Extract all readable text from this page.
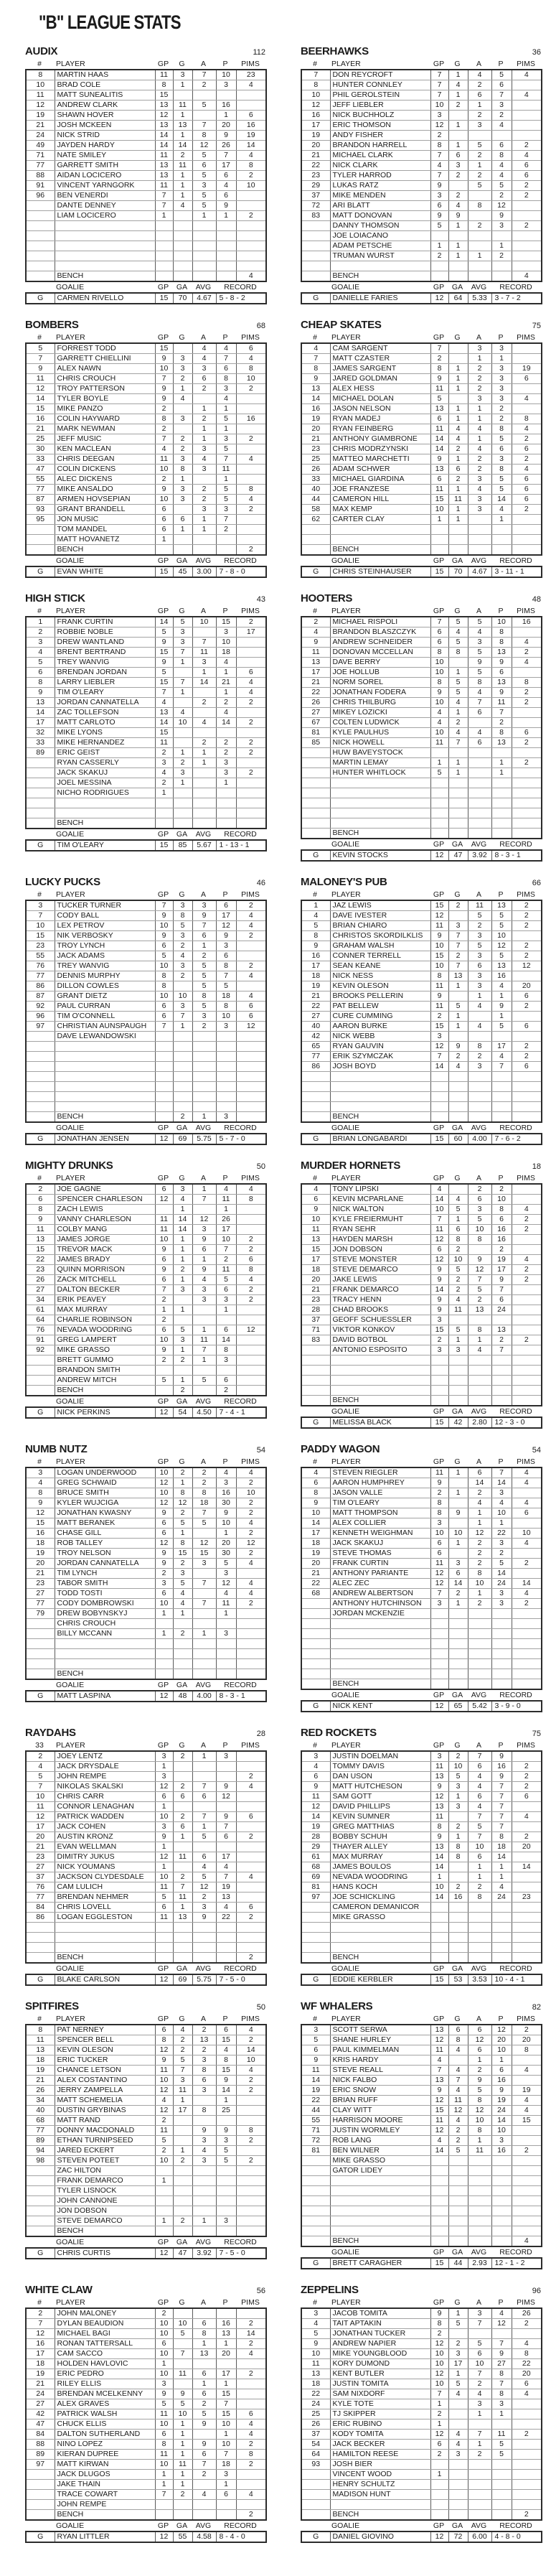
"B" LEAGUE STATS
AUDIX	112
#	PLAYER	GP	G	A	P	PIMS
8	MARTIN HAAS	11	3	7	10	23
10	BRAD COLE	8	1	2	3	4
11	MATT SUNEALITIS	15				
12	ANDREW CLARK	13	11	5	16	
19	SHAWN HOVER	12	1		1	6
21	JOSH MCKEEN	13	13	7	20	16
24	NICK STRID	14	1	8	9	19
49	JAYDEN HARDY	14	14	12	26	14
71	NATE SMILEY	11	2	5	7	4
77	GARRETT SMITH	13	11	6	17	8
88	AIDAN LOCICERO	13	1	5	6	2
91	VINCENT YARNGORK	11	1	3	4	10
96	BEN VENERDI	7	1	5	6	
	DANTE DENNEY	7	4	5	9	
	LIAM LOCICERO	1		1	1	2

	BENCH					4
	GOALIE	GP	GA	AVG	RECORD
G	CARMEN RIVELLO	15	70	4.67	5 - 8 - 2
BEERHAWKS	36
#	PLAYER	GP	G	A	P	PIMS
7	DON REYCROFT	7	1	4	5	4
8	HUNTER CONNLEY	7	4	2	6	
10	PHIL GEROLSTEIN	7	1	6	7	4
12	JEFF LIEBLER	10	2	1	3	
16	NICK BUCHHOLZ	3		2	2	
17	ERIC THOMSON	12	1	3	4	
19	ANDY FISHER	2				
20	BRANDON HARRELL	8	1	5	6	2
21	MICHAEL CLARK	7	6	2	8	4
22	NICK CLARK	4	3	1	4	6
23	TYLER HARROD	7	2	2	4	6
29	LUKAS RATZ	9		5	5	2
37	MIKE MENDEN	3	2		2	2
72	ARI BLATT	6	4	8	12	
83	MATT DONOVAN	9	9		9	
	DANNY THOMSON	5	1	2	3	2
	JOE LOIACANO					
	ADAM PETSCHE	1	1		1	
	TRUMAN WURST	2	1	1	2	

	BENCH					4
	GOALIE	GP	GA	AVG	RECORD
G	DANIELLE FARIES	12	64	5.33	3 - 7 - 2
BOMBERS	68
#	PLAYER	GP	G	A	P	PIMS
5	FORREST TODD	15		4	4	6
7	GARRETT CHIELLINI	9	3	4	7	4
9	ALEX NAWN	10	3	3	6	8
11	CHRIS CROUCH	7	2	6	8	10
12	TROY PATTERSON	9	1	2	3	2
14	TYLER BOYLE	9	4		4	
15	MIKE PANZO	2		1	1	
16	COLIN HAYWARD	8	3	2	5	16
21	MARK NEWMAN	2		1	1	
25	JEFF MUSIC	7	2	1	3	2
30	KEN MACLEAN	4	2	3	5	
33	CHRIS DEEGAN	11	3	4	7	4
47	COLIN DICKENS	10	8	3	11	
55	ALEC DICKENS	2	1		1	
77	MIKE ANSALDO	9	3	2	5	8
87	ARMEN HOVSEPIAN	10	3	2	5	4
93	GRANT BRANDELL	6		3	3	2
95	JON MUSIC	6	6	1	7	
	TOM MANDEL	6	1	1	2	
	MATT HOVANETZ	1				
	BENCH					2
	GOALIE	GP	GA	AVG	RECORD
G	EVAN WHITE	15	45	3.00	7 - 8 - 0
CHEAP SKATES	75
#	PLAYER	GP	G	A	P	PIMS
4	CAM SARGENT	7		3	3	
7	MATT CZASTER	2		1	1	
8	JAMES SARGENT	8	1	2	3	19
9	JARED GOLDMAN	9	1	2	3	6
13	ALEX HESS	11	1	2	3	
14	MICHAEL DOLAN	5		3	3	4
16	JASON NELSON	13	1	1	2	
19	RYAN MADEJ	6	1	1	2	8
20	RYAN FEINBERG	11	4	4	8	4
21	ANTHONY GIAMBRONE	14	4	1	5	2
23	CHRIS MODRZYNSKI	14	2	4	6	6
25	MATTEO MARCHETTI	9	1	2	3	2
26	ADAM SCHWER	13	6	2	8	4
33	MICHAEL GIARDINA	6	2	3	5	6
40	JOE FRANZESE	11	1	4	5	6
44	CAMERON HILL	15	11	3	14	6
58	MAX KEMP	10	1	3	4	2
62	CARTER CLAY	1	1		1	

	BENCH					
	GOALIE	GP	GA	AVG	RECORD
G	CHRIS STEINHAUSER	15	70	4.67	3 - 11 - 1
HIGH STICK	43
#	PLAYER	GP	G	A	P	PIMS
1	FRANK CURTIN	14	5	10	15	2
2	ROBBIE NOBLE	5	3		3	17
3	DREW WANTLAND	9	3	7	10	
4	BRENT BERTRAND	15	7	11	18	
5	TREY WANVIG	9	1	3	4	
6	BRENDAN JORDAN	5		1	1	6
8	LARRY LIEBLER	15	7	14	21	4
9	TIM O'LEARY	7	1		1	4
13	JORDAN CANNATELLA	4		2	2	2
14	ZAC TOLLEFSON	13	4		4	
17	MATT CARLOTO	14	10	4	14	2
32	MIKE LYONS	15				
33	MIKE HERNANDEZ	11		2	2	2
89	ERIC GEIST	2	1	1	2	2
	RYAN CASSERLY	3	2	1	3	
	JACK SKAKUJ	4	3		3	2
	JOEL MESSINA	2	1		1	
	NICHO RODRIGUES	1				

	BENCH					
	GOALIE	GP	GA	AVG	RECORD
G	TIM O'LEARY	15	85	5.67	1 - 13 - 1
HOOTERS	48
#	PLAYER	GP	G	A	P	PIMS
2	MICHAEL RISPOLI	7	5	5	10	16
4	BRANDON BLASZCZYK	6	4	4	8	
9	ANDREW SCHNEIDER	6	5	3	8	4
11	DONOVAN MCCELLAN	8	8	5	13	2
13	DAVE BERRY	10		9	9	4
17	JOE HOLLUB	10	1	5	6	
21	NORM SOREL	8	5	8	13	8
22	JONATHAN FODERA	9	5	4	9	2
26	CHRIS THILBURG	10	4	7	11	2
27	MIKEY LOZICKI	4	1	6	7	
67	COLTEN LUDWICK	4	2		2	
81	KYLE PAULHUS	10	4	4	8	6
85	NICK HOWELL	11	7	6	13	2
	HUW BAVEYSTOCK					
	MARTIN LEMAY	1	1		1	2
	HUNTER WHITLOCK	5	1		1	

	BENCH					
	GOALIE	GP	GA	AVG	RECORD
G	KEVIN STOCKS	12	47	3.92	8 - 3 - 1
LUCKY PUCKS	46
#	PLAYER	GP	G	A	P	PIMS
3	TUCKER TURNER	7	3	3	6	2
7	CODY BALL	9	8	9	17	4
10	LEX PETROV	10	5	7	12	4
15	NIK VERBOSKY	9	3	6	9	2
23	TROY LYNCH	6	2	1	3	
55	JACK ADAMS	5	4	2	6	
76	TREY WANVIG	10	3	5	8	2
77	DENNIS MURPHY	8	2	5	7	4
86	DILLON COWLES	8		5	5	
87	GRANT DIETZ	10	10	8	18	4
92	PAUL CURRAN	6	3	5	8	6
96	TIM O'CONNELL	6	7	3	10	6
97	CHRISTIAN AUNSPAUGH	7	1	2	3	12
	DAVE LEWANDOWSKI					

	BENCH		2	1	3	
	GOALIE	GP	GA	AVG	RECORD
G	JONATHAN JENSEN	12	69	5.75	5 - 7 - 0
MALONEY'S PUB	66
#	PLAYER	GP	G	A	P	PIMS
1	JAZ LEWIS	15	2	11	13	2
4	DAVE IVESTER	12		5	5	2
5	BRIAN CHIARO	11	3	2	5	2
8	CHRISTOS SKORDILKLIS	9	7	3	10	
9	GRAHAM WALSH	10	7	5	12	2
16	CONNER TERRELL	15	2	3	5	2
17	SEAN KEANE	10	7	6	13	12
18	NICK NESS	8	13	3	16	
19	KEVIN OLESON	11	1	3	4	20
21	BROOKS PELLERIN	9		1	1	6
22	PAT BELLEW	11	5	4	9	2
27	CURE CUMMING	2	1		1	
40	AARON BURKE	15	1	4	5	6
42	NICK WEBB	3				
65	RYAN GAUVIN	12	9	8	17	2
77	ERIK SZYMCZAK	7	2	2	4	2
86	JOSH BOYD	14	4	3	7	6

	BENCH					
	GOALIE	GP	GA	AVG	RECORD
G	BRIAN LONGABARDI	15	60	4.00	7 - 6 - 2
MIGHTY DRUNKS	50
#	PLAYER	GP	G	A	P	PIMS
2	JOE GAGNE	6	3	1	4	4
6	SPENCER CHARLESON	12	4	7	11	8
8	ZACH LEWIS		1		1	
9	VANNY CHARLESON	11	14	12	26	
11	COLBY MANG	11	14	3	17	
13	JAMES JORGE	10	1	9	10	2
15	TREVOR MACK	9	1	6	7	2
22	JAMES BRADY	6	1	1	2	6
23	QUINN MORRISON	9	2	9	11	8
26	ZACK MITCHELL	6	1	4	5	4
27	DALTON BECKER	7	3	3	6	2
34	ERIK PEAVEY	2		3	3	2
61	MAX MURRAY	1	1		1	
64	CHARLIE ROBINSON	2				
76	NEVADA WOODRING	6	5	1	6	12
91	GREG LAMPERT	10	3	11	14	
92	MIKE GRASSO	9	1	7	8	
	BRETT GUMMO	2	2	1	3	
	BRANDON SMITH					
	ANDREW MITCH	5	1	5	6	
	BENCH		2		2	
	GOALIE	GP	GA	AVG	RECORD
G	NICK PERKINS	12	54	4.50	7 - 4 - 1
MURDER HORNETS	18
#	PLAYER	GP	G	A	P	PIMS
4	TONY LIPSKI	4		2	2	
6	KEVIN MCPARLANE	14	4	6	10	
9	NICK WALTON	10	5	3	8	4
10	KYLE FREIERMUHT	7	1	5	6	2
11	RYAN SEHR	11	6	10	16	2
13	HAYDEN MARSH	12	8	8	16	
15	JON DOBSON	6	2		2	
17	STEVE MONSTER	12	10	9	19	4
18	STEVE DEMARCO	9	5	12	17	2
20	JAKE LEWIS	9	2	7	9	2
21	FRANK DEMARCO	14	2	5	7	
23	TRACY HENN	9	4	2	6	
28	CHAD BROOKS	9	11	13	24	
37	GEOFF SCHUESSLER	3				
71	VIKTOR KONKOV	15	5	8	13	
83	DAVID BOTBOL	2	1	1	2	2
	ANTONIO ESPOSITO	3	3	4	7	

	BENCH					
	GOALIE	GP	GA	AVG	RECORD
G	MELISSA BLACK	15	42	2.80	12 - 3 - 0
NUMB NUTZ	54
#	PLAYER	GP	G	A	P	PIMS
3	LOGAN UNDERWOOD	10	2	2	4	4
4	GREG SCHWAID	12	1	2	3	2
8	BRUCE SMITH	10	8	8	16	10
9	KYLER WUJCIGA	12	12	18	30	2
12	JONATHAN KWASNY	9	2	7	9	2
15	MATT BERANEK	6	5	5	10	4
16	CHASE GILL	6	1		1	2
18	ROB TALLEY	12	8	12	20	12
19	TROY NELSON	9	15	15	30	2
20	JORDAN CANNATELLA	9	2	3	5	4
21	TIM LYNCH	2	3		3	
23	TABOR SMITH	3	5	7	12	4
27	TODD TOSTI	6	4		4	4
77	CODY DOMBROWSKI	10	4	7	11	2
79	DREW BOBYNSKYJ	1	1		1	
	CHRIS CROUCH					
	BILLY MCCANN	1	2	1	3	

	BENCH					
	GOALIE	GP	GA	AVG	RECORD
G	MATT LASPINA	12	48	4.00	8 - 3 - 1
PADDY WAGON	54
#	PLAYER	GP	G	A	P	PIMS
4	STEVEN RIEGLER	11	1	6	7	4
6	AARON HUMPHREY	9		14	14	4
8	JASON VALLE	2	1	2	3	
9	TIM O'LEARY	8		4	4	4
10	MATT THOMPSON	8	9	1	10	6
14	ALEX COLLIER	3		1	1	
17	KENNETH WEIGHMAN	10	10	12	22	10
18	JACK SKAKUJ	6	1	2	3	4
19	STEVE THOMAS	6		2	2	
20	FRANK CURTIN	11	3	2	5	2
21	ANTHONY PARIANTE	12	6	8	14	
22	ALEC ZEC	12	14	10	24	14
68	ANDREW ALBERTSON	7	2	1	3	4
	ANTHONY HUTCHINSON	3	1	2	3	2
	JORDAN MCKENZIE					

	BENCH					
	GOALIE	GP	GA	AVG	RECORD
G	NICK KENT	12	65	5.42	3 - 9 - 0
RAYDAHS	28
33	PLAYER	GP	G	A	P	PIMS
2	JOEY LENTZ	3	2	1	3	
4	JACK DRYSDALE	1				
5	JOHN REMPE	3				2
7	NIKOLAS SKALSKI	12	2	7	9	4
10	CHRIS CARR	6	6	6	12	
11	CONNOR LENAGHAN	1				
12	PATRICK WADDEN	10	2	7	9	6
17	JACK COHEN	3	6	1	7	
20	AUSTIN KRONZ	9	1	5	6	2
21	EVAN WELLMAN	1				
23	DIMITRY JUKUS	12	11	6	17	
27	NICK YOUMANS	1		4	4	
37	JACKSON CLYDESDALE	10	2	5	7	4
76	CAM LULICH	11	7	12	19	
77	BRENDAN NEHMER	5	11	2	13	
84	CHRIS LOVELL	6	1	3	4	6
86	LOGAN EGGLESTON	11	13	9	22	2

	BENCH					2
	GOALIE	GP	GA	AVG	RECORD
G	BLAKE CARLSON	12	69	5.75	7 - 5 - 0
RED ROCKETS	75
#	PLAYER	GP	G	A	P	PIMS
3	JUSTIN DOELMAN	3	2	7	9	
4	TOMMY DAVIS	11	10	6	16	2
6	DAN USON	13	5	4	9	2
9	MATT HUTCHESON	9	3	4	7	2
11	SAM GOTT	12	1	6	7	6
12	DAVID PHILLIPS	13	3	4	7	
14	KEVIN SUMNER	11		7	7	4
19	GREG MATTHIAS	8	2	5	7	
28	BOBBY SCHUH	9	1	7	8	2
29	THAYER ALLEY	13	8	10	18	20
61	MAX MURRAY	14	8	6	14	
68	JAMES BOULOS	14		1	1	14
69	NEVADA WOODRING	1		1	1	
81	HANS KOCH	10	2	2	4	
97	JOE SCHICKLING	14	16	8	24	23
	CAMERON DEMANICOR					
	MIKE GRASSO					

	BENCH					
	GOALIE	GP	GA	AVG	RECORD
G	EDDIE KERBLER	15	53	3.53	10 - 4 - 1
SPITFIRES	50
#	PLAYER	GP	G	A	P	PIMS
8	PAT NERNEY	6	4	2	6	4
11	SPENCER BELL	8	2	13	15	2
13	KEVIN OLESON	12	2	2	4	14
18	ERIC TUCKER	9	5	3	8	10
19	CHANCE LETSON	11	7	8	15	4
21	ALEX COSTANTINO	10	3	6	9	2
26	JERRY ZAMPELLA	12	11	3	14	2
34	MATT SCHEMELIA	4	1		1	
40	DUSTIN GRYBINAS	12	17	8	25	
68	MATT RAND	2				
77	DONNY MACDONALD	11		9	9	8
89	ETHAN TURNIPSEED	5		3	3	2
94	JARED ECKERT	2	1	4	5	
98	STEVEN POTEET	10	2	3	5	2
	ZAC HILTON					
	FRANK DEMARCO	1				
	TYLER LISNOCK					
	JOHN CANNONE					
	JON DOBSON					
	STEVE DEMARCO	1	2	1	3	
	BENCH					
	GOALIE	GP	GA	AVG	RECORD
G	CHRIS CURTIS	12	47	3.92	7 - 5 - 0
WF WHALERS	82
#	PLAYER	GP	G	A	P	PIMS
3	SCOTT SERWA	13	6	6	12	2
5	SHANE HURLEY	12	8	12	20	20
6	PAUL KIMMELMAN	11	4	6	10	8
9	KRIS HARDY	4		1	1	
11	STEVE REALL	7	4	2	6	4
14	NICK FALBO	13	7	9	16	
19	ERIC SNOW	9	4	5	9	19
22	BRIAN RUFF	12	11	8	19	4
44	CLAY WITT	15	12	12	24	4
55	HARRISON MOORE	11	4	10	14	15
71	JUSTIN WORMLEY	12	2	8	10	
72	ROB LANG	4	2	1	3	
81	BEN WILNER	14	5	11	16	2
	MIKE GRASSO					
	GATOR LIDEY					

	BENCH					4
	GOALIE	GP	GA	AVG	RECORD
G	BRETT CARAGHER	15	44	2.93	12 - 1 - 2
WHITE CLAW	56
#	PLAYER	GP	G	A	P	PIMS
2	JOHN MALONEY	2				
7	DYLAN BEAUDION	10	10	6	16	2
12	MICHAEL BAGI	10	5	8	13	14
16	RONAN TATTERSALL	6		1	1	2
17	CAM SACCO	10	7	13	20	4
18	HOLDEN HAVLOVIC	1				
19	ERIC PEDRO	10	11	6	17	2
21	RILEY ELLIS	3		1	1	
24	BRENDAN MCELKENNY	9	9	6	15	
27	ALEX GRAVES	5	5	2	7	
42	PATRICK WALSH	11	10	5	15	6
47	CHUCK ELLIS	10	1	9	10	4
84	DALTON SUTHERLAND	6	1		1	4
88	NINO LOPEZ	8	1	9	10	2
89	KIERAN DUPREE	11	1	6	7	8
97	MATT KIRWAN	10	11	7	18	2
	JACK DLUGOS	1	1	2	3	
	JAKE THAIN	1	1		1	
	TRACE COWART	7	2	4	6	4
	JOHN REMPE					
	BENCH					2
	GOALIE	GP	GA	AVG	RECORD
G	RYAN LITTLER	12	55	4.58	8 - 4 - 0
ZEPPELINS	96
#	PLAYER	GP	G	A	P	PIMS
3	JACOB TOMITA	9	1	3	4	26
4	TAIT APTAKIN	8	5	7	12	2
5	JONATHAN TUCKER	2				
9	ANDREW NAPIER	12	2	5	7	4
10	MIKE YOUNGBLOOD	10	3	6	9	8
11	KORY DUMOND	10	17	10	27	22
13	KENT BUTLER	12	1	7	8	20
18	JUSTIN TOMITA	10	5	2	7	6
22	SAM NIXDORF	7	4	4	8	4
24	KYLE TOTE	1		3	3	
25	TJ SKIPPER	2		1	1	
26	ERIC RUBINO	1				
37	KODY TOMITA	12	4	7	11	2
54	JACK BECKER	6	4	1	5	
64	HAMILTON REESE	2	3	2	5	
93	JOSH BIER					
	VINCENT WOOD	1				
	HENRY SCHULTZ					
	MADISON HUNT					

	BENCH					2
	GOALIE	GP	GA	AVG	RECORD
G	DANIEL GIOVINO	12	72	6.00	4 - 8 - 0
